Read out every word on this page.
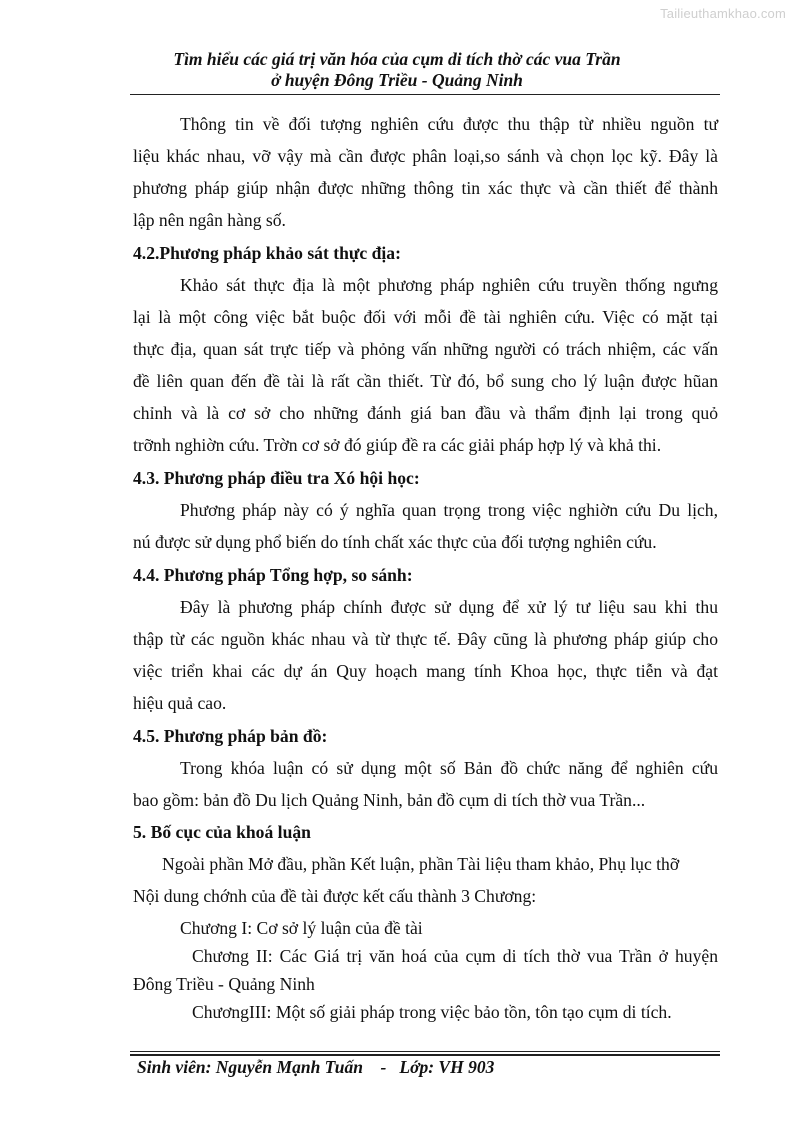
Tailieuthamkhao.com
Tìm hiểu các giá trị văn hóa của cụm di tích thờ các vua Trần
ở huyện Đông Triều - Quảng Ninh
Thông tin về đối tượng nghiên cứu được thu thập từ nhiều nguồn tư
liệu khác nhau, vỡ vậy mà cần được phân loại,so sánh và chọn lọc kỹ. Đây là
phương pháp giúp nhận được những thông tin xác thực và cần thiết để thành
lập nên ngân hàng số.
4.2.Phương pháp khảo sát thực địa:
Khảo sát thực địa là một phương pháp nghiên cứu truyền thống ngưng
lại là một công việc bắt buộc đối với mỗi đề tài nghiên cứu. Việc có mặt tại
thực địa, quan sát trực tiếp và phỏng vấn những người có trách nhiệm, các vấn
đề liên quan đến đề tài là rất cần thiết. Từ đó, bổ sung cho lý luận được hũan
chỉnh và là cơ sở cho những đánh giá ban đầu và thẩm định lại trong quỏ
trỡnh nghiờn cứu. Trờn cơ sở đó giúp đề ra các giải pháp hợp lý và khả thi.
4.3. Phương pháp điều tra Xó hội học:
Phương pháp này có ý nghĩa quan trọng trong việc nghiờn cứu Du lịch,
nú được sử dụng phổ biến do tính chất xác thực của đối tượng nghiên cứu.
4.4. Phương pháp Tổng hợp, so sánh:
Đây là phương pháp chính được sử dụng để xử lý tư liệu sau khi thu
thập từ các nguồn khác nhau và từ thực tế. Đây cũng là phương pháp giúp cho
việc triển khai các dự án Quy hoạch mang tính Khoa học, thực tiễn và đạt
hiệu quả cao.
4.5. Phương pháp bản đồ:
Trong khóa luận có sử dụng một số Bản đồ chức năng để nghiên cứu
bao gồm: bản đồ Du lịch Quảng Ninh, bản đồ cụm di tích thờ vua Trần...
5. Bố cục của khoá luận
Ngoài phần Mở đầu, phần Kết luận, phần Tài liệu tham khảo, Phụ lục thỡ
Nội dung chớnh của đề tài được kết cấu thành 3 Chương:
Chương I: Cơ sở lý luận của đề tài
Chương II: Các Giá trị văn hoá của cụm di tích thờ vua Trần ở huyện
Đông Triều - Quảng Ninh
ChươngIII: Một số giải pháp trong việc bảo tồn, tôn tạo cụm di tích.
Sinh viên: Nguyễn Mạnh Tuấn - Lớp: VH 903
